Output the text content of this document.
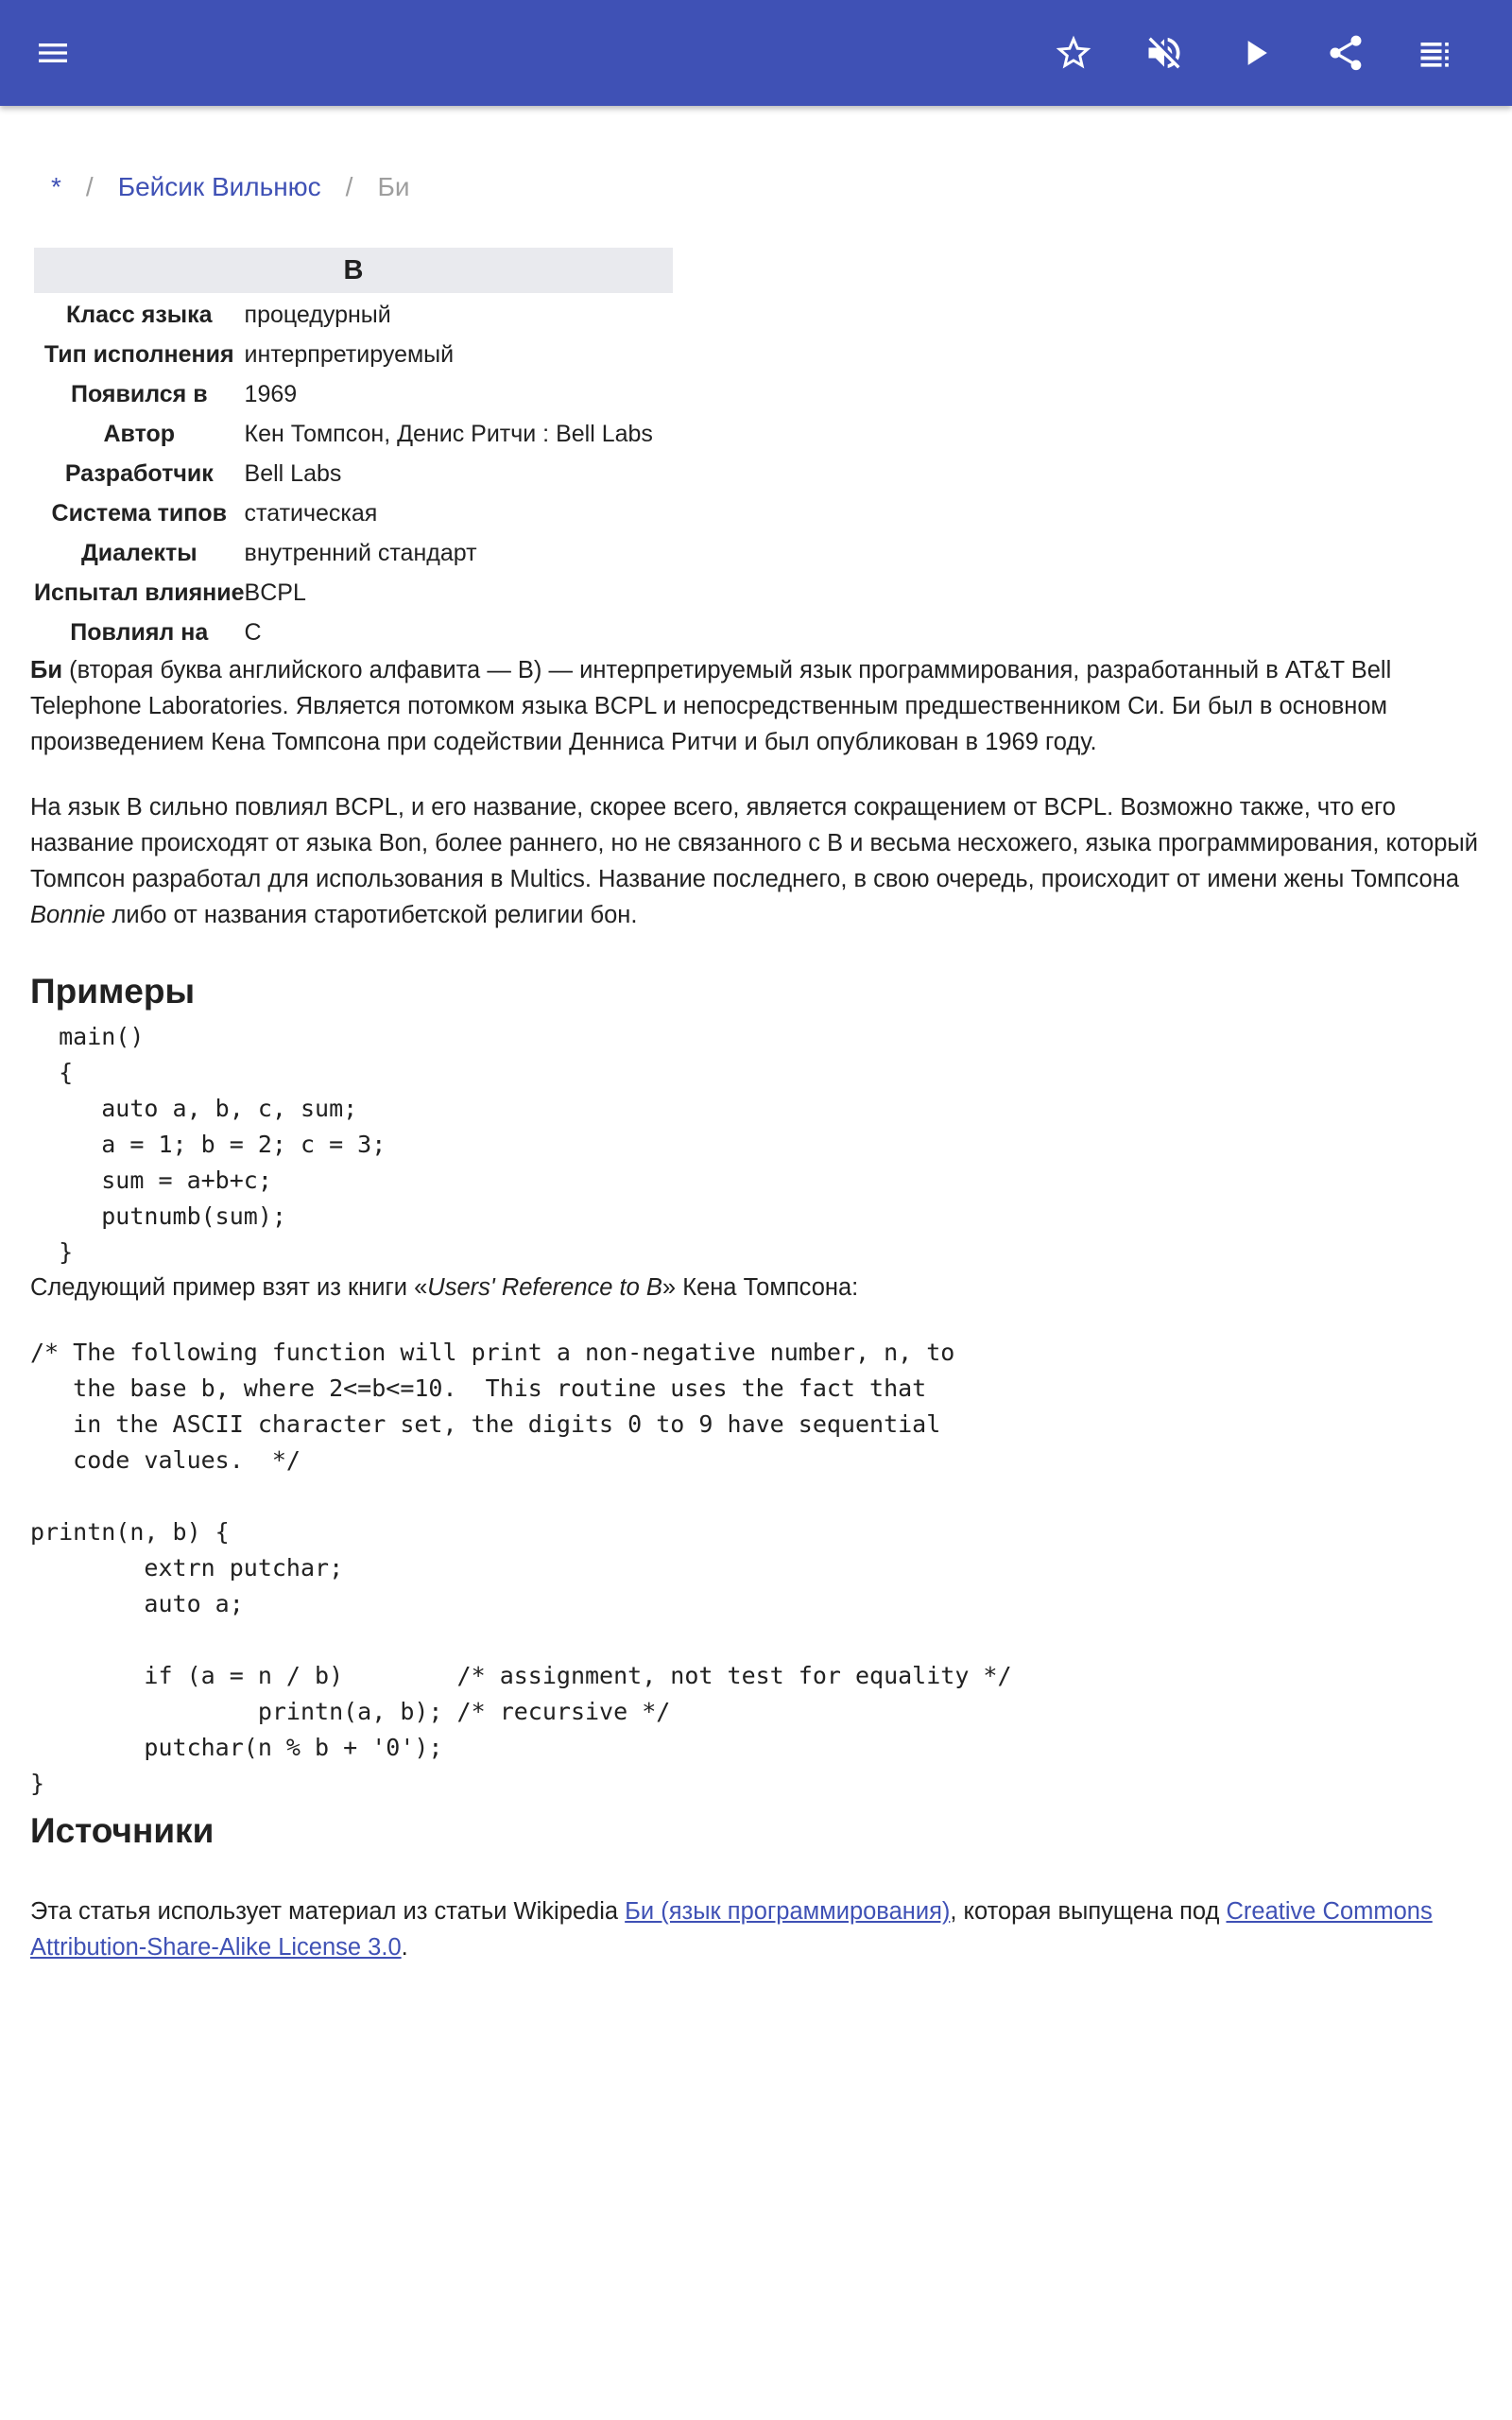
* / Бейсик Вильнюс / Би
B
Класс языка	процедурный
Тип исполнения	интерпретируемый
Появился в	1969
Автор	Кен Томпсон, Денис Ритчи : Bell Labs
Разработчик	Bell Labs
Система типов	статическая
Диалекты	внутренний стандарт
Испытал влияние	BCPL
Повлиял на	C

Би (вторая буква английского алфавита — B) — интерпретируемый язык программирования, разработанный в AT&T Bell Telephone Laboratories. Является потомком языка BCPL и непосредственным предшественником Си. Би был в основном произведением Кена Томпсона при содействии Денниса Ритчи и был опубликован в 1969 году.

На язык B сильно повлиял BCPL, и его название, скорее всего, является сокращением от BCPL. Возможно также, что его название происходят от языка Bon, более раннего, но не связанного с B и весьма несхожего, языка программирования, который Томпсон разработал для использования в Multics. Название последнего, в свою очередь, происходит от имени жены Томпсона Bonnie либо от названия старотибетской религии бон.

Примеры
main()
{
auto a, b, c, sum;
a = 1; b = 2; c = 3;
sum = a+b+c;
putnumb(sum);
}

Следующий пример взят из книги «Users' Reference to B» Кена Томпсона:

/* The following function will print a non-negative number, n, to
the base b, where 2<=b<=10.  This routine uses the fact that
in the ASCII character set, the digits 0 to 9 have sequential
code values.  */

printn(n, b) {
extrn putchar;
auto a;

if (a = n / b)        /* assignment, not test for equality */
printn(a, b); /* recursive */
putchar(n % b + '0');
}
Источники

Эта статья использует материал из статьи Wikipedia Би (язык программирования), которая выпущена под Creative Commons Attribution-Share-Alike License 3.0.
